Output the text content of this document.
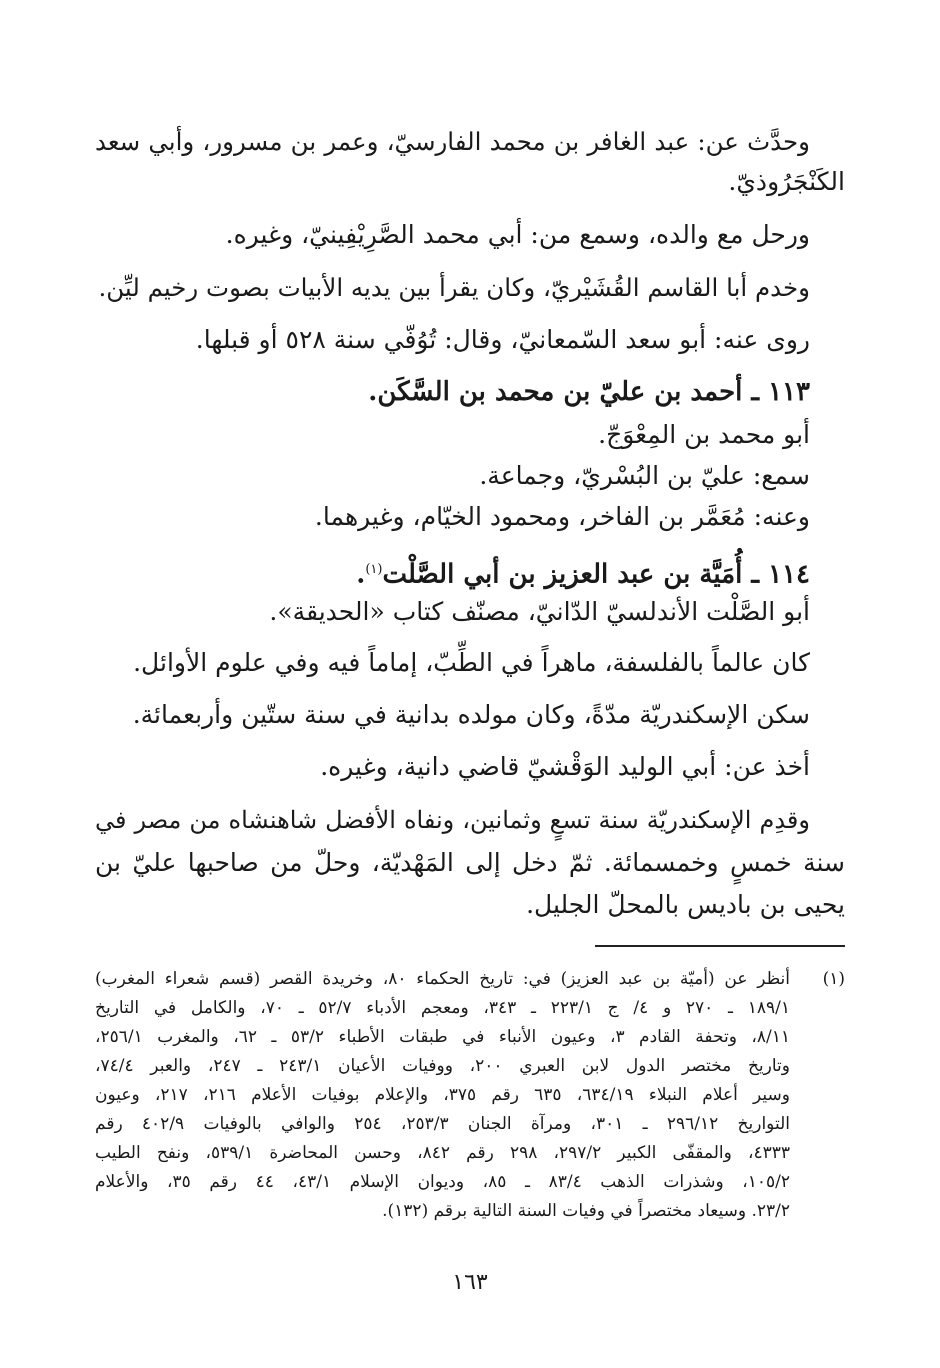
وحدَّث عن: عبد الغافر بن محمد الفارسيّ، وعمر بن مسرور، وأبي سعد
الكَنْجَرُوذيّ.
ورحل مع والده، وسمع من: أبي محمد الصَّرِيْفِينيّ، وغيره.
وخدم أبا القاسم القُشَيْريّ، وكان يقرأ بين يديه الأبيات بصوت رخيم ليِّن.
روى عنه: أبو سعد السّمعانيّ، وقال: تُوُفّي سنة ٥٢٨ أو قبلها.
١١٣ ـ أحمد بن عليّ بن محمد بن السَّكَن.
أبو محمد بن المِعْوَجّ.
سمع: عليّ بن البُسْريّ، وجماعة.
وعنه: مُعَمَّر بن الفاخر، ومحمود الخيّام، وغيرهما.
١١٤ ـ أُمَيَّة بن عبد العزيز بن أبي الصَّلْت$^{(١)}$.
أبو الصَّلْت الأندلسيّ الدّانيّ، مصنّف كتاب «الحديقة».
كان عالماً بالفلسفة، ماهراً في الطِّبّ، إماماً فيه وفي علوم الأوائل.
سكن الإسكندريّة مدّةً، وكان مولده بدانية في سنة ستّين وأربعمائة.
أخذ عن: أبي الوليد الوَقْشيّ قاضي دانية، وغيره.
وقدِم الإسكندريّة سنة تسعٍ وثمانين، ونفاه الأفضل شاهنشاه من مصر في
سنة خمسٍ وخمسمائة. ثمّ دخل إلى المَهْديّة، وحلّ من صاحبها عليّ بن
يحيى بن باديس بالمحلّ الجليل.
(١)
أنظر عن (أميّة بن عبد العزيز) في: تاريخ الحكماء ٨٠، وخريدة القصر (قسم شعراء المغرب)
١٨٩/١ ـ ٢٧٠ و ٤/ ج ٢٢٣/١ ـ ٣٤٣، ومعجم الأدباء ٥٢/٧ ـ ٧٠، والكامل في التاريخ
٨/١١، وتحفة القادم ٣، وعيون الأنباء في طبقات الأطباء ٥٣/٢ ـ ٦٢، والمغرب ٢٥٦/١،
وتاريخ مختصر الدول لابن العبري ٢٠٠، ووفيات الأعيان ٢٤٣/١ ـ ٢٤٧، والعبر ٧٤/٤،
وسير أعلام النبلاء ٦٣٤/١٩، ٦٣٥ رقم ٣٧٥، والإعلام بوفيات الأعلام ٢١٦، ٢١٧، وعيون
التواريخ ٢٩٦/١٢ ـ ٣٠١، ومرآة الجنان ٢٥٣/٣، ٢٥٤ والوافي بالوفيات ٤٠٢/٩ رقم
٤٣٣٣، والمقفّى الكبير ٢٩٧/٢، ٢٩٨ رقم ٨٤٢، وحسن المحاضرة ٥٣٩/١، ونفح الطيب
١٠٥/٢، وشذرات الذهب ٨٣/٤ ـ ٨٥، وديوان الإسلام ٤٣/١، ٤٤ رقم ٣٥، والأعلام
٢٣/٢. وسيعاد مختصراً في وفيات السنة التالية برقم (١٣٢).
١٦٣
